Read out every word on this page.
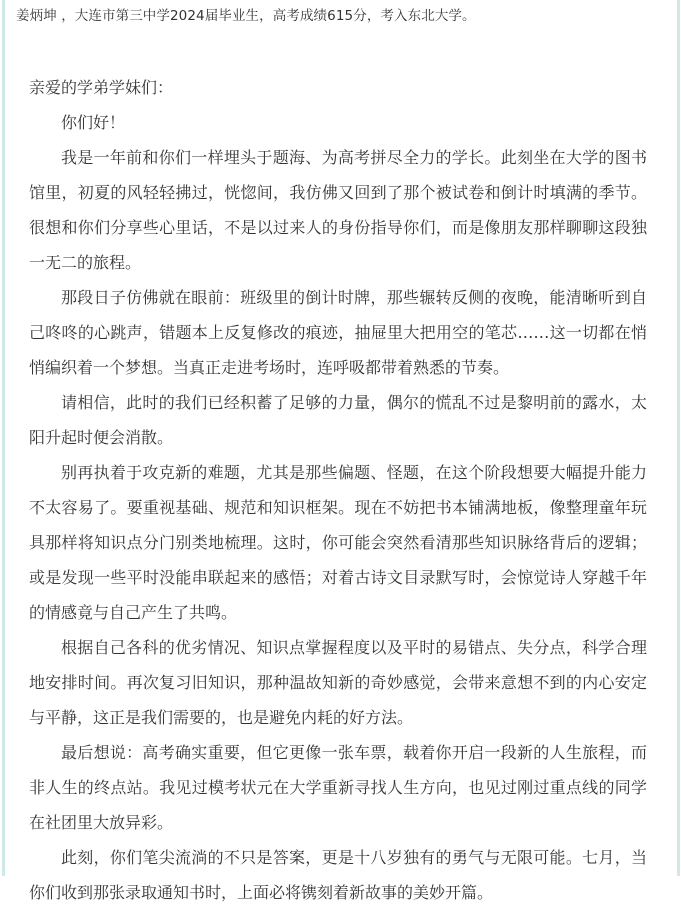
姜炳坤 ，大连市第三中学2024届毕业生，高考成绩615分，考入东北大学。

亲爱的学弟学妹们：

你们好！

我是一年前和你们一样埋头于题海、为高考拼尽全力的学长。此刻坐在大学的图书馆里，初夏的风轻轻拂过，恍惚间，我仿佛又回到了那个被试卷和倒计时填满的季节。很想和你们分享些心里话，不是以过来人的身份指导你们，而是像朋友那样聊聊这段独一无二的旅程。

那段日子仿佛就在眼前：班级里的倒计时牌，那些辗转反侧的夜晚，能清晰听到自己咚咚的心跳声，错题本上反复修改的痕迹，抽屉里大把用空的笔芯……这一切都在悄悄编织着一个梦想。当真正走进考场时，连呼吸都带着熟悉的节奏。

请相信，此时的我们已经积蓄了足够的力量，偶尔的慌乱不过是黎明前的露水，太阳升起时便会消散。

别再执着于攻克新的难题，尤其是那些偏题、怪题，在这个阶段想要大幅提升能力不太容易了。要重视基础、规范和知识框架。现在不妨把书本铺满地板，像整理童年玩具那样将知识点分门别类地梳理。这时，你可能会突然看清那些知识脉络背后的逻辑；或是发现一些平时没能串联起来的感悟；对着古诗文目录默写时，会惊觉诗人穿越千年的情感竟与自己产生了共鸣。

根据自己各科的优劣情况、知识点掌握程度以及平时的易错点、失分点，科学合理地安排时间。再次复习旧知识，那种温故知新的奇妙感觉，会带来意想不到的内心安定与平静，这正是我们需要的，也是避免内耗的好方法。

最后想说：高考确实重要，但它更像一张车票，载着你开启一段新的人生旅程，而非人生的终点站。我见过模考状元在大学重新寻找人生方向，也见过刚过重点线的同学在社团里大放异彩。

此刻，你们笔尖流淌的不只是答案，更是十八岁独有的勇气与无限可能。七月，当你们收到那张录取通知书时，上面必将镌刻着新故事的美妙开篇。
